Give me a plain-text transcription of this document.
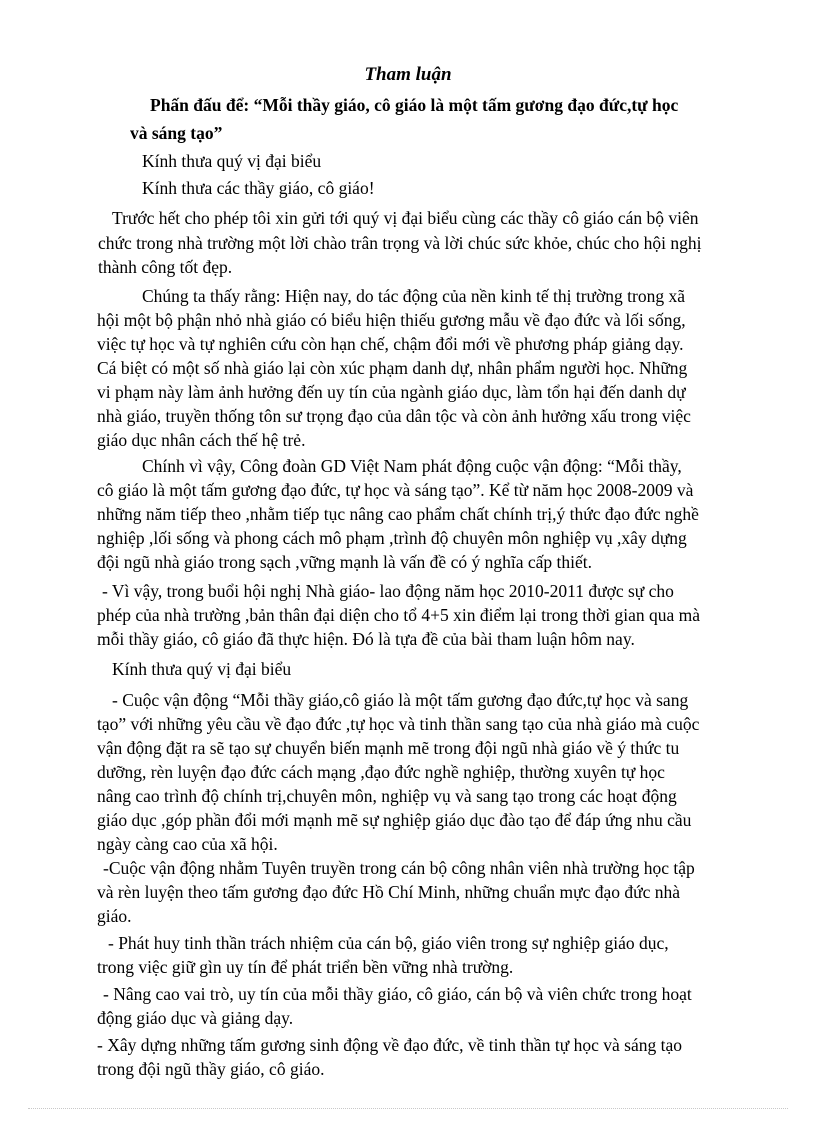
Tham luận
Phấn đấu để: “Mỗi thầy giáo, cô giáo là một tấm gương đạo đức,tự học
và sáng tạo”
Kính thưa quý vị đại biểu
Kính thưa các thầy giáo, cô giáo!
Trước hết cho phép tôi xin gửi tới quý vị đại biểu cùng các thầy cô giáo cán bộ viên
chức trong nhà trường một lời chào trân trọng và lời chúc sức khỏe, chúc cho hội nghị
thành công tốt đẹp.
Chúng ta thấy rằng: Hiện nay, do tác động của nền kinh tế thị trường trong xã
hội một bộ phận nhỏ nhà giáo có biểu hiện thiếu gương mẫu về đạo đức và lối sống,
việc tự học và tự nghiên cứu còn hạn chế, chậm đổi mới về phương pháp giảng dạy.
Cá biệt có một số nhà giáo lại còn xúc phạm danh dự, nhân phẩm người học. Những
vi phạm này làm ảnh hưởng đến uy tín của ngành giáo dục, làm tổn hại đến danh dự
nhà giáo, truyền thống tôn sư trọng đạo của dân tộc và còn ảnh hưởng xấu trong việc
giáo dục nhân cách thế hệ trẻ.
Chính vì vậy, Công đoàn GD Việt Nam phát động cuộc vận động: “Mỗi thầy,
cô giáo là một tấm gương đạo đức, tự học và sáng tạo”. Kể từ năm học 2008-2009 và
những năm tiếp theo ,nhằm tiếp tục nâng cao phẩm chất chính trị,ý thức đạo đức nghề
nghiệp ,lối sống và phong cách mô phạm ,trình độ chuyên môn nghiệp vụ ,xây dựng
đội ngũ nhà giáo trong sạch ,vững mạnh là vấn đề có ý nghĩa cấp thiết.
- Vì vậy, trong buổi hội nghị Nhà giáo- lao động năm học 2010-2011 được sự cho
phép của nhà trường ,bản thân đại diện cho tổ 4+5 xin điểm lại trong thời gian qua mà
mỗi thầy giáo, cô giáo đã thực hiện. Đó là tựa đề của bài tham luận hôm nay.
Kính thưa quý vị đại biểu
- Cuộc vận động “Mỗi thầy giáo,cô giáo là một tấm gương đạo đức,tự học và sang
tạo” với những yêu cầu về đạo đức ,tự học và tinh thần sang tạo của nhà giáo mà cuộc
vận động đặt ra sẽ tạo sự chuyển biến mạnh mẽ trong đội ngũ nhà giáo về ý thức tu
dưỡng, rèn luyện đạo đức cách mạng ,đạo đức nghề nghiệp, thường xuyên tự học
nâng cao trình độ chính trị,chuyên môn, nghiệp vụ và sang tạo trong các hoạt động
giáo dục ,góp phần đổi mới mạnh mẽ sự nghiệp giáo dục đào tạo để đáp ứng nhu cầu
ngày càng cao của xã hội.
-Cuộc vận động nhằm Tuyên truyền trong cán bộ công nhân viên nhà trường học tập
và rèn luyện theo tấm gương đạo đức Hồ Chí Minh, những chuẩn mực đạo đức nhà
giáo.
- Phát huy tinh thần trách nhiệm của cán bộ, giáo viên trong sự nghiệp giáo dục,
trong việc giữ gìn uy tín để phát triển bền vững nhà trường.
- Nâng cao vai trò, uy tín của mỗi thầy giáo, cô giáo, cán bộ và viên chức trong hoạt
động giáo dục và giảng dạy.
- Xây dựng những tấm gương sinh động về đạo đức, về tinh thần tự học và sáng tạo
trong đội ngũ thầy giáo, cô giáo.
